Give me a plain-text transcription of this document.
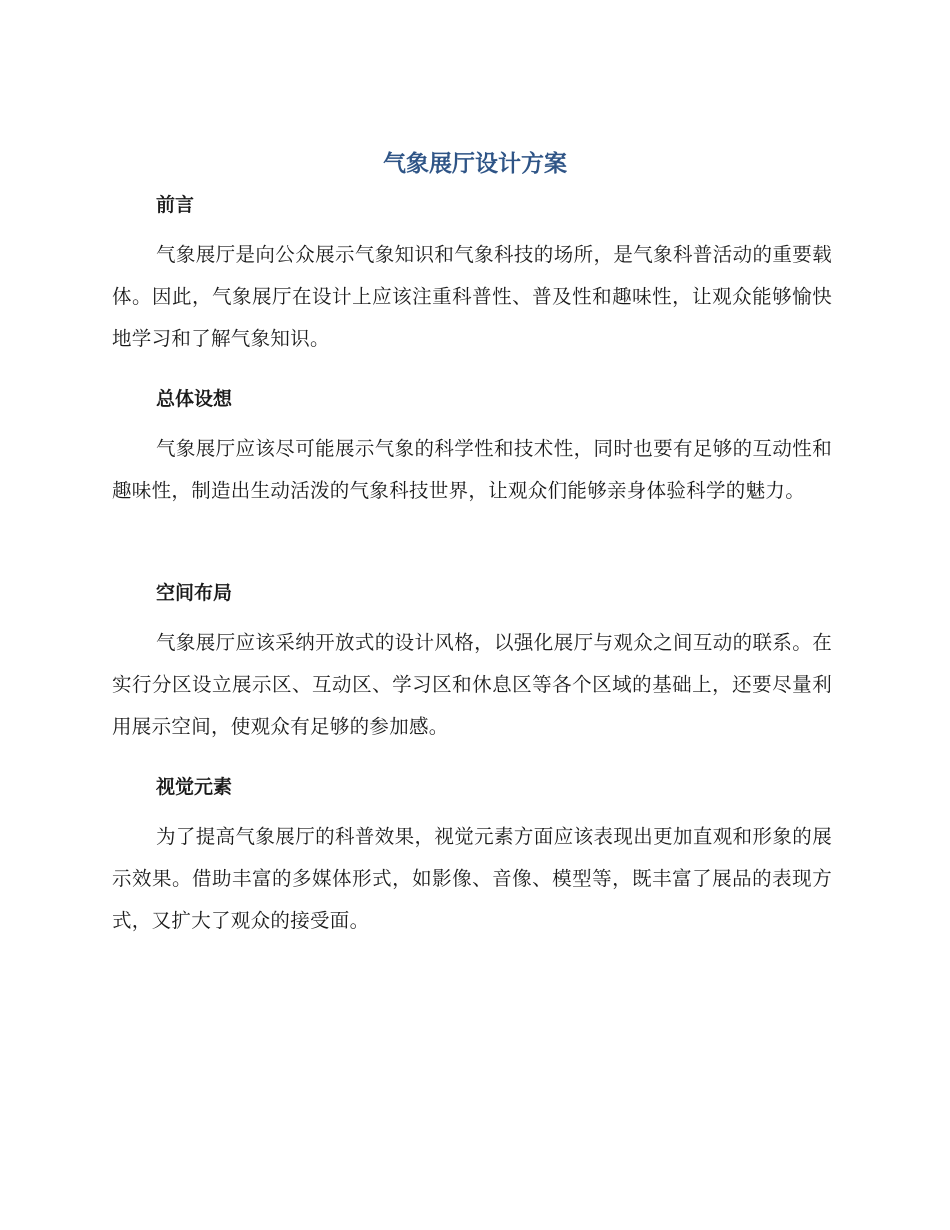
气象展厅设计方案
前言

气象展厅是向公众展示气象知识和气象科技的场所，是气象科普活动的重要载体。因此，气象展厅在设计上应该注重科普性、普及性和趣味性，让观众能够愉快地学习和了解气象知识。

总体设想

气象展厅应该尽可能展示气象的科学性和技术性，同时也要有足够的互动性和趣味性，制造出生动活泼的气象科技世界，让观众们能够亲身体验科学的魅力。

空间布局

气象展厅应该采纳开放式的设计风格，以强化展厅与观众之间互动的联系。在实行分区设立展示区、互动区、学习区和休息区等各个区域的基础上，还要尽量利用展示空间，使观众有足够的参加感。

视觉元素

为了提高气象展厅的科普效果，视觉元素方面应该表现出更加直观和形象的展示效果。借助丰富的多媒体形式，如影像、音像、模型等，既丰富了展品的表现方式，又扩大了观众的接受面。
